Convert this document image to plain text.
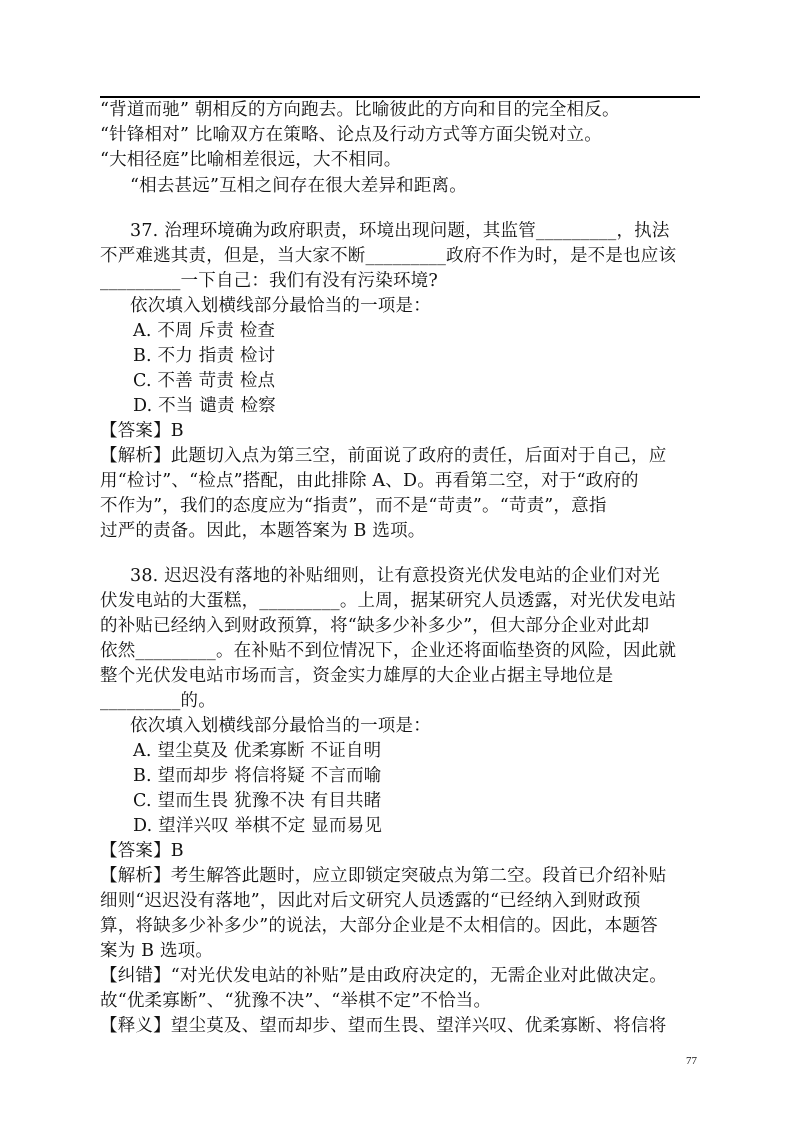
“背道而驰” 朝相反的方向跑去。比喻彼此的方向和目的完全相反。
“针锋相对” 比喻双方在策略、论点及行动方式等方面尖锐对立。
“大相径庭”比喻相差很远，大不相同。
“相去甚远”互相之间存在很大差异和距离。
37. 治理环境确为政府职责，环境出现问题，其监管_________，执法
不严难逃其责，但是，当大家不断_________政府不作为时，是不是也应该
_________一下自己：我们有没有污染环境?
依次填入划横线部分最恰当的一项是：
A. 不周 斥责 检查
B. 不力 指责 检讨
C. 不善 苛责 检点
D. 不当 谴责 检察
【答案】B
【解析】此题切入点为第三空，前面说了政府的责任，后面对于自己，应
用“检讨”、“检点”搭配，由此排除 A、D。再看第二空，对于“政府的
不作为”，我们的态度应为“指责”，而不是“苛责”。“苛责”，意指
过严的责备。因此，本题答案为 B 选项。
38. 迟迟没有落地的补贴细则，让有意投资光伏发电站的企业们对光
伏发电站的大蛋糕，_________。上周，据某研究人员透露，对光伏发电站
的补贴已经纳入到财政预算，将“缺多少补多少”，但大部分企业对此却
依然_________。在补贴不到位情况下，企业还将面临垫资的风险，因此就
整个光伏发电站市场而言，资金实力雄厚的大企业占据主导地位是
_________的。
依次填入划横线部分最恰当的一项是：
A. 望尘莫及 优柔寡断 不证自明
B. 望而却步 将信将疑 不言而喻
C. 望而生畏 犹豫不决 有目共睹
D. 望洋兴叹 举棋不定 显而易见
【答案】B
【解析】考生解答此题时，应立即锁定突破点为第二空。段首已介绍补贴
细则“迟迟没有落地”，因此对后文研究人员透露的“已经纳入到财政预
算，将缺多少补多少”的说法，大部分企业是不太相信的。因此，本题答
案为 B 选项。
【纠错】“对光伏发电站的补贴”是由政府决定的，无需企业对此做决定。
故“优柔寡断”、“犹豫不决”、“举棋不定”不恰当。
【释义】望尘莫及、望而却步、望而生畏、望洋兴叹、优柔寡断、将信将
77
